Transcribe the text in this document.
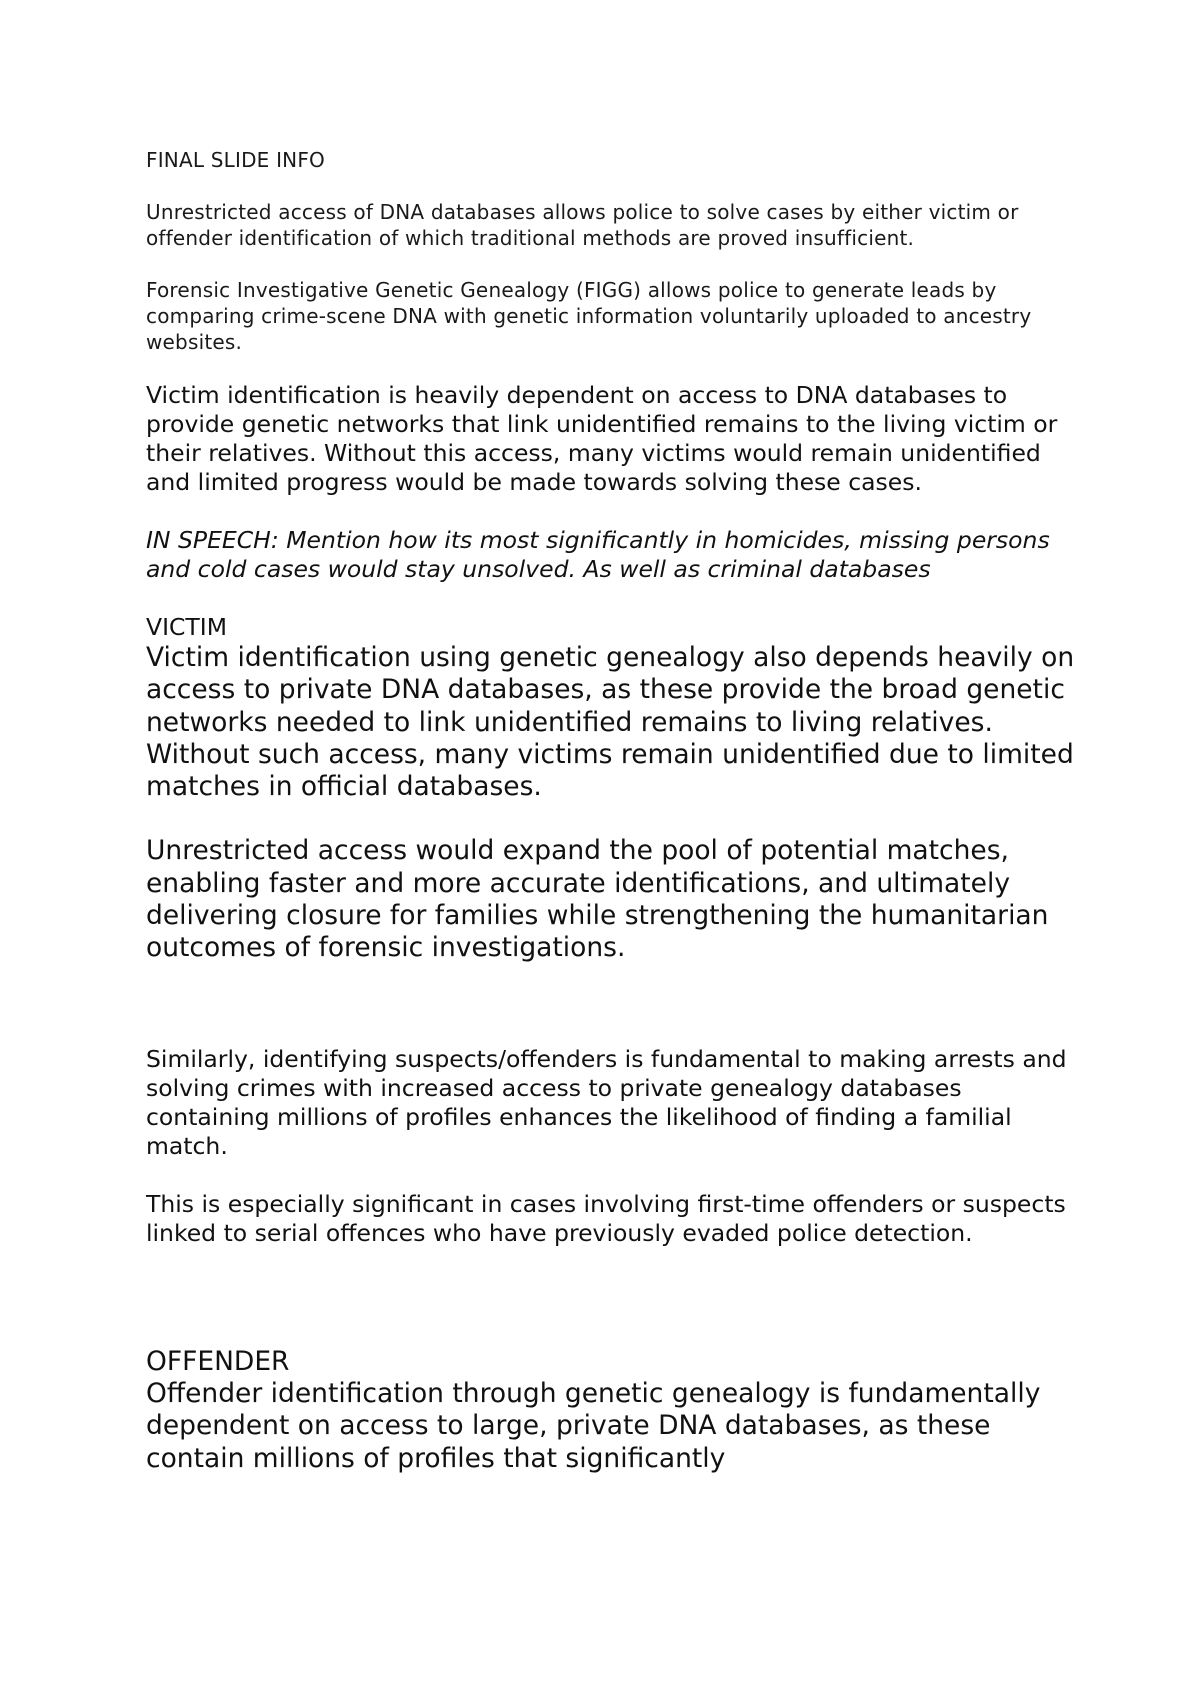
FINAL SLIDE INFO

Unrestricted access of DNA databases allows police to solve cases by either victim or offender identification of which traditional methods are proved insufficient.

Forensic Investigative Genetic Genealogy (FIGG) allows police to generate leads by comparing crime-scene DNA with genetic information voluntarily uploaded to ancestry websites.

Victim identification is heavily dependent on access to DNA databases to provide genetic networks that link unidentified remains to the living victim or their relatives. Without this access, many victims would remain unidentified and limited progress would be made towards solving these cases.

IN SPEECH: Mention how its most significantly in homicides, missing persons and cold cases would stay unsolved. As well as criminal databases

VICTIM

Victim identification using genetic genealogy also depends heavily on access to private DNA databases, as these provide the broad genetic networks needed to link unidentified remains to living relatives. Without such access, many victims remain unidentified due to limited matches in official databases.

Unrestricted access would expand the pool of potential matches, enabling faster and more accurate identifications, and ultimately delivering closure for families while strengthening the humanitarian outcomes of forensic investigations.

Similarly, identifying suspects/offenders is fundamental to making arrests and solving crimes with increased access to private genealogy databases containing millions of profiles enhances the likelihood of finding a familial match.

This is especially significant in cases involving first-time offenders or suspects linked to serial offences who have previously evaded police detection.

OFFENDER

Offender identification through genetic genealogy is fundamentally dependent on access to large, private DNA databases, as these contain millions of profiles that significantly
